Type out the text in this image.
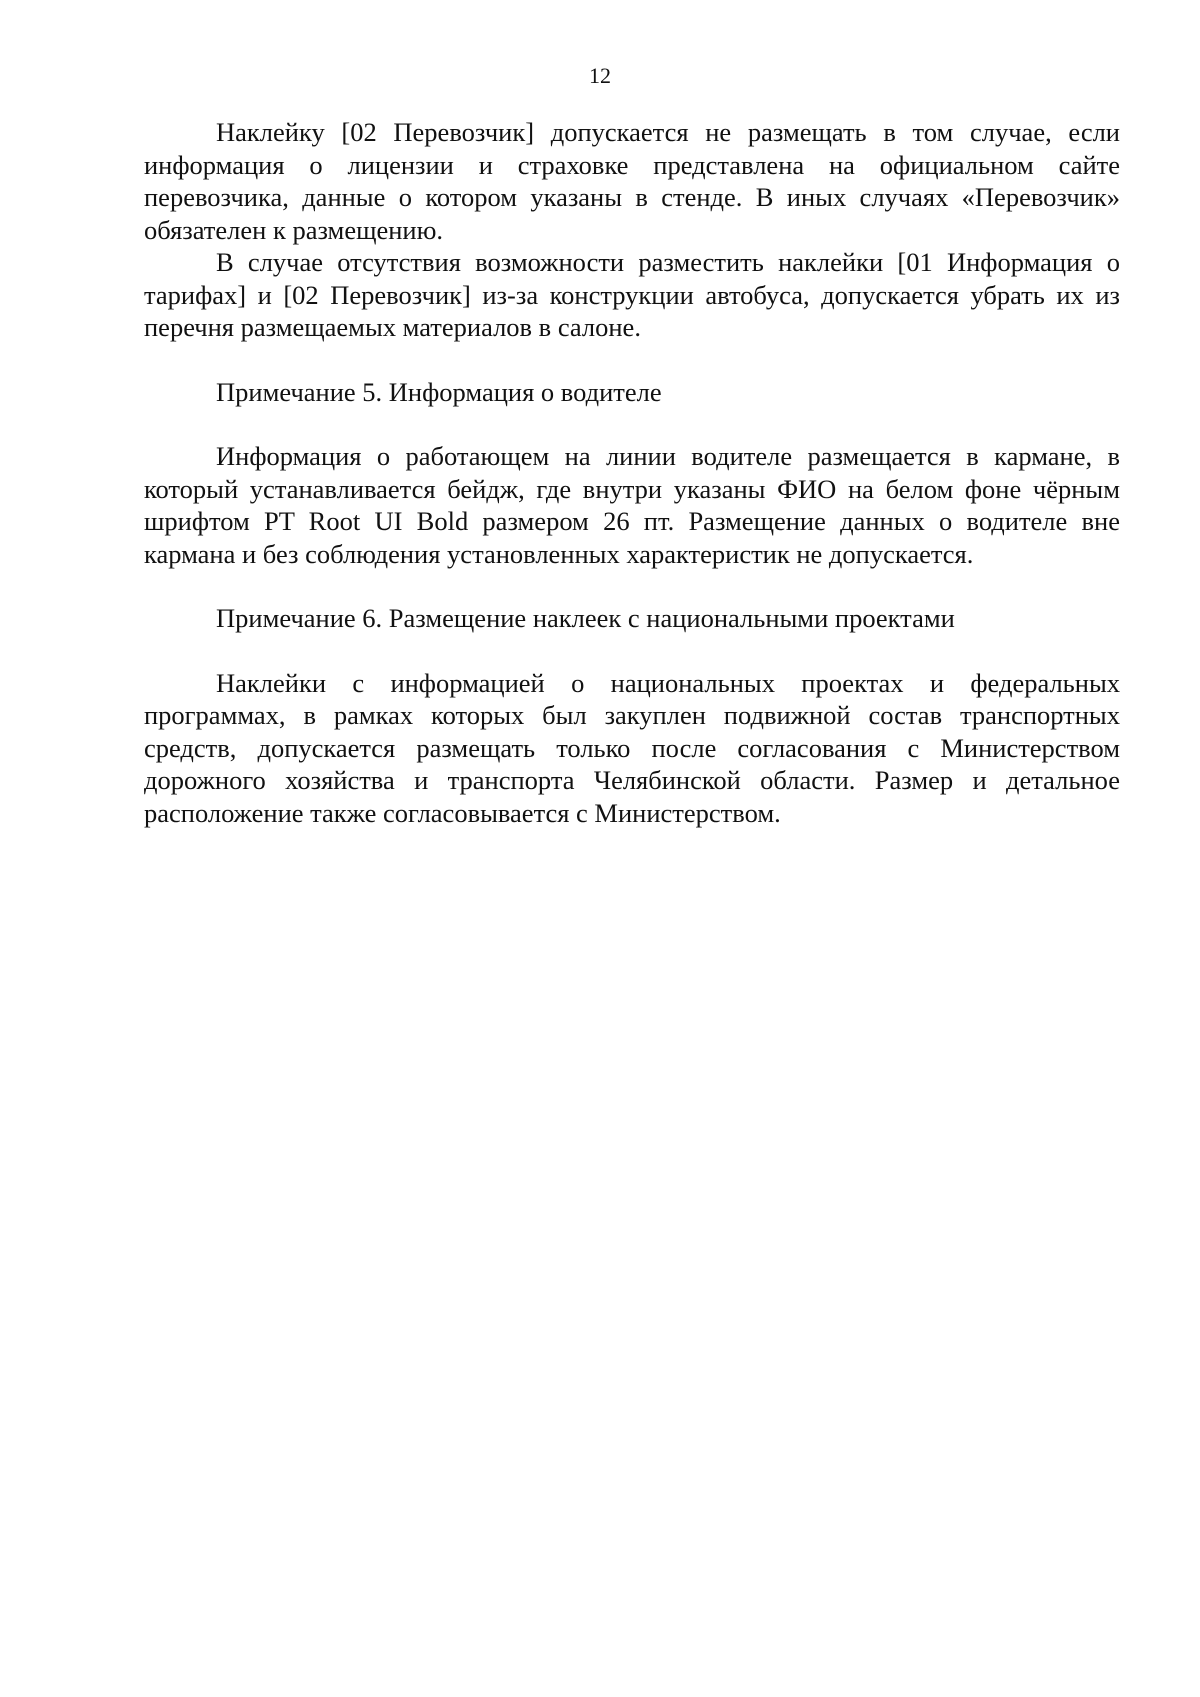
12

Наклейку [02 Перевозчик] допускается не размещать в том случае, если информация о лицензии и страховке представлена на официальном сайте перевозчика, данные о котором указаны в стенде. В иных случаях «Перевозчик» обязателен к размещению.

В случае отсутствия возможности разместить наклейки [01 Информация о тарифах] и [02 Перевозчик] из-за конструкции автобуса, допускается убрать их из перечня размещаемых материалов в салоне.

Примечание 5. Информация о водителе

Информация о работающем на линии водителе размещается в кармане, в который устанавливается бейдж, где внутри указаны ФИО на белом фоне чёрным шрифтом PT Root UI Bold размером 26 пт. Размещение данных о водителе вне кармана и без соблюдения установленных характеристик не допускается.

Примечание 6. Размещение наклеек с национальными проектами

Наклейки с информацией о национальных проектах и федеральных программах, в рамках которых был закуплен подвижной состав транспортных средств, допускается размещать только после согласования с Министерством дорожного хозяйства и транспорта Челябинской области. Размер и детальное расположение также согласовывается с Министерством.
